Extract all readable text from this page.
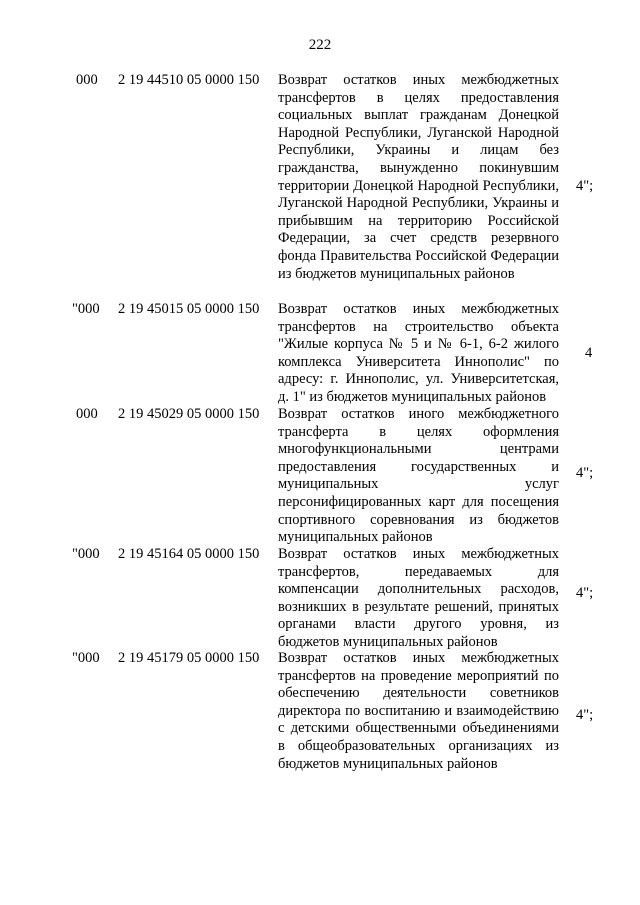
222
000 2 19 44510 05 0000 150 Возврат остатков иных межбюджетных трансфертов в целях предоставления социальных выплат гражданам Донецкой Народной Республики, Луганской Народной Республики, Украины и лицам без гражданства, вынужденно покинувшим территории Донецкой Народной Республики, Луганской Народной Республики, Украины и прибывшим на территорию Российской Федерации, за счет средств резервного фонда Правительства Российской Федерации из бюджетов муниципальных районов
4";
"000 2 19 45015 05 0000 150 Возврат остатков иных межбюджетных трансфертов на строительство объекта "Жилые корпуса № 5 и № 6-1, 6-2 жилого комплекса Университета Иннополис" по адресу: г. Иннополис, ул. Университетская, д. 1" из бюджетов муниципальных районов
4
000 2 19 45029 05 0000 150 Возврат остатков иного межбюджетного трансферта в целях оформления многофункциональными центрами предоставления государственных и муниципальных услуг персонифицированных карт для посещения спортивного соревнования из бюджетов муниципальных районов
4";
"000 2 19 45164 05 0000 150 Возврат остатков иных межбюджетных трансфертов, передаваемых для компенсации дополнительных расходов, возникших в результате решений, принятых органами власти другого уровня, из бюджетов муниципальных районов
4";
"000 2 19 45179 05 0000 150 Возврат остатков иных межбюджетных трансфертов на проведение мероприятий по обеспечению деятельности советников директора по воспитанию и взаимодействию с детскими общественными объединениями в общеобразовательных организациях из бюджетов муниципальных районов
4";
